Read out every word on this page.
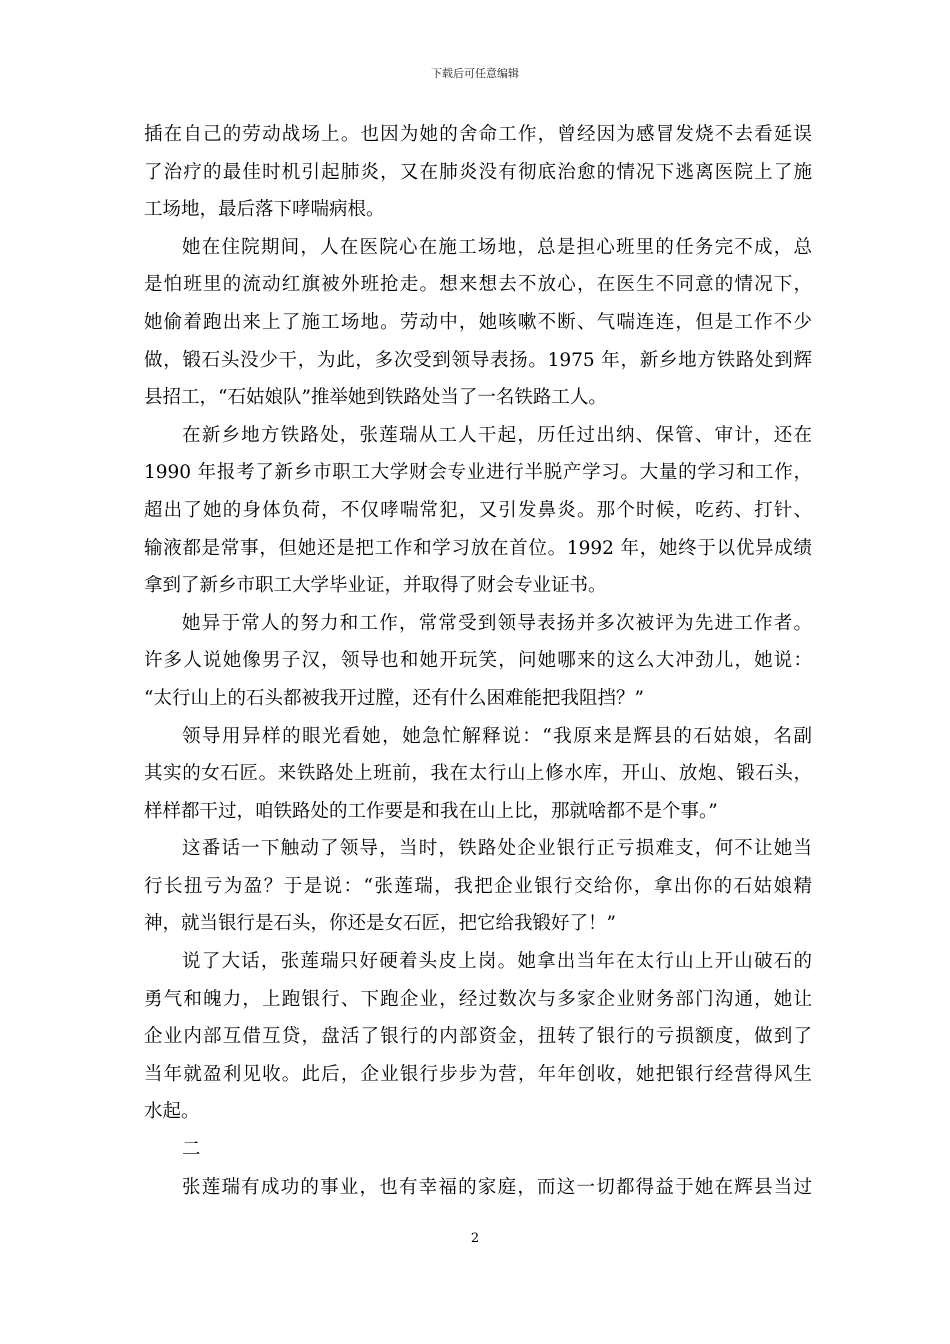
下载后可任意编辑
插在自己的劳动战场上。也因为她的舍命工作，曾经因为感冒发烧不去看延误
了治疗的最佳时机引起肺炎，又在肺炎没有彻底治愈的情况下逃离医院上了施
工场地，最后落下哮喘病根。
她在住院期间，人在医院心在施工场地，总是担心班里的任务完不成，总
是怕班里的流动红旗被外班抢走。想来想去不放心，在医生不同意的情况下，
她偷着跑出来上了施工场地。劳动中，她咳嗽不断、气喘连连，但是工作不少
做，锻石头没少干，为此，多次受到领导表扬。1975 年，新乡地方铁路处到辉
县招工，“石姑娘队”推举她到铁路处当了一名铁路工人。
在新乡地方铁路处，张莲瑞从工人干起，历任过出纳、保管、审计，还在
1990 年报考了新乡市职工大学财会专业进行半脱产学习。大量的学习和工作，
超出了她的身体负荷，不仅哮喘常犯，又引发鼻炎。那个时候，吃药、打针、
输液都是常事，但她还是把工作和学习放在首位。1992 年，她终于以优异成绩
拿到了新乡市职工大学毕业证，并取得了财会专业证书。
她异于常人的努力和工作，常常受到领导表扬并多次被评为先进工作者。
许多人说她像男子汉，领导也和她开玩笑，问她哪来的这么大冲劲儿，她说：
“太行山上的石头都被我开过膛，还有什么困难能把我阻挡？”
领导用异样的眼光看她，她急忙解释说：“我原来是辉县的石姑娘，名副
其实的女石匠。来铁路处上班前，我在太行山上修水库，开山、放炮、锻石头，
样样都干过，咱铁路处的工作要是和我在山上比，那就啥都不是个事。”
这番话一下触动了领导，当时，铁路处企业银行正亏损难支，何不让她当
行长扭亏为盈？于是说：“张莲瑞，我把企业银行交给你，拿出你的石姑娘精
神，就当银行是石头，你还是女石匠，把它给我锻好了！”
说了大话，张莲瑞只好硬着头皮上岗。她拿出当年在太行山上开山破石的
勇气和魄力，上跑银行、下跑企业，经过数次与多家企业财务部门沟通，她让
企业内部互借互贷，盘活了银行的内部资金，扭转了银行的亏损额度，做到了
当年就盈利见收。此后，企业银行步步为营，年年创收，她把银行经营得风生
水起。
二
张莲瑞有成功的事业，也有幸福的家庭，而这一切都得益于她在辉县当过
2
